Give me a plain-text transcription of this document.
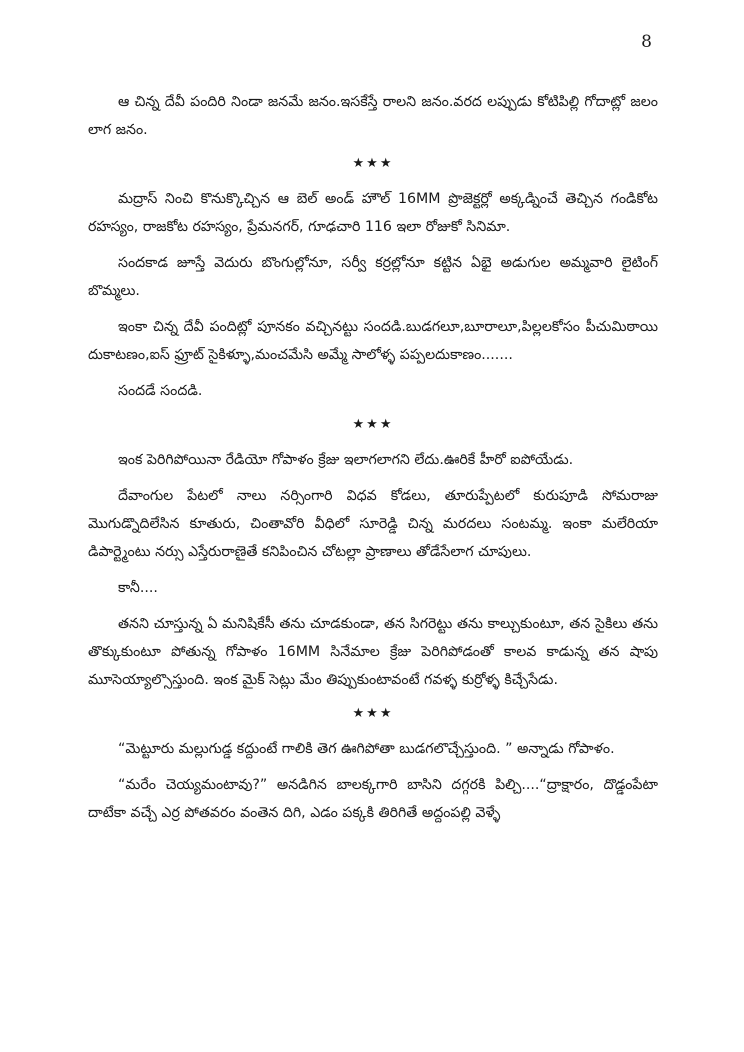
8
ఆ చిన్న దేవీ పందిరి నిండా జనమే జనం.ఇసకేస్తే రాలని జనం.వరద లప్పుడు కోటిపిల్లి గోదాట్లో జలం లాగ జనం.
★★★
మద్రాస్ నించి కొనుక్కొచ్చిన ఆ బెల్ అండ్ హౌల్ 16MM ప్రొజెక్టర్లో అక్కడ్నించే తెచ్చిన గండికోట రహస్యం, రాజకోట రహస్యం, ప్రేమనగర్, గూఢచారి 116 ఇలా రోజుకో సినిమా.
సందకాడ జూస్తే వెదురు బొంగుల్లోనూ, సర్వీ కర్రల్లోనూ కట్టిన ఏభై అడుగుల అమ్మవారి లైటింగ్ బొమ్మలు.
ఇంకా చిన్న దేవీ పందిట్లో పూనకం వచ్చినట్టు సందడి.బుడగలూ,బూరాలూ,పిల్లలకోసం పీచుమిఠాయి దుకాటణం,ఐస్ ఫ్రూట్ సైకిళ్ళూ,మంచమేసి అమ్మే సాలోళ్ళ పప్పలదుకాణం.......
సందడే సందడి.
★★★
ఇంక పెరిగిపోయినా రేడియో గోపాళం క్రేజు ఇలాగలాగని లేదు.ఊరికే హీరో ఐపోయేడు.
దేవాంగుల పేటలో నాలు నర్సింగారి విధవ కోడలు, తూరుప్పేటలో కురుపూడి సోమరాజు మొగుడ్నొదిలేసిన కూతురు, చింతావోరి వీధిలో సూరెడ్డి చిన్న మరదలు సంటమ్మ. ఇంకా మలేరియా డిపార్ట్మెంటు నర్సు ఎస్తేరురాణైతే కనిపించిన చోటల్లా ప్రాణాలు తోడేసేలాగ చూపులు.
కానీ....
తనని చూస్తున్న ఏ మనిషికేసీ తను చూడకుండా, తన సిగరెట్టు తను కాల్చుకుంటూ, తన సైకిలు తను తొక్కుకుంటూ పోతున్న గోపాళం 16MM సినేమాల క్రేజు పెరిగిపోడంతో కాలవ కాడున్న తన షాపు మూసెయ్యాల్సొస్తుంది. ఇంక మైక్ సెట్లు మేం తిప్పుకుంటావంటే గవళ్ళ కుర్రోళ్ళ కిచ్చేసేడు.
★★★
“మెట్టూరు మల్లుగుడ్డ కద్దుంటే గాలికి తెగ ఊగిపోతా బుడగలొచ్చేస్తుంది. ” అన్నాడు గోపాళం.
“మరేం చెయ్యమంటావు?” అనడిగిన బాలక్కగారి బాసిని దగ్గరకి పిల్చి....“ద్రాక్షారం, దొడ్డంపేటా దాటేకా వచ్చే ఎర్ర పోతవరం వంతెన దిగి, ఎడం పక్కకి తిరిగితే అద్దంపల్లి వెళ్ళే
